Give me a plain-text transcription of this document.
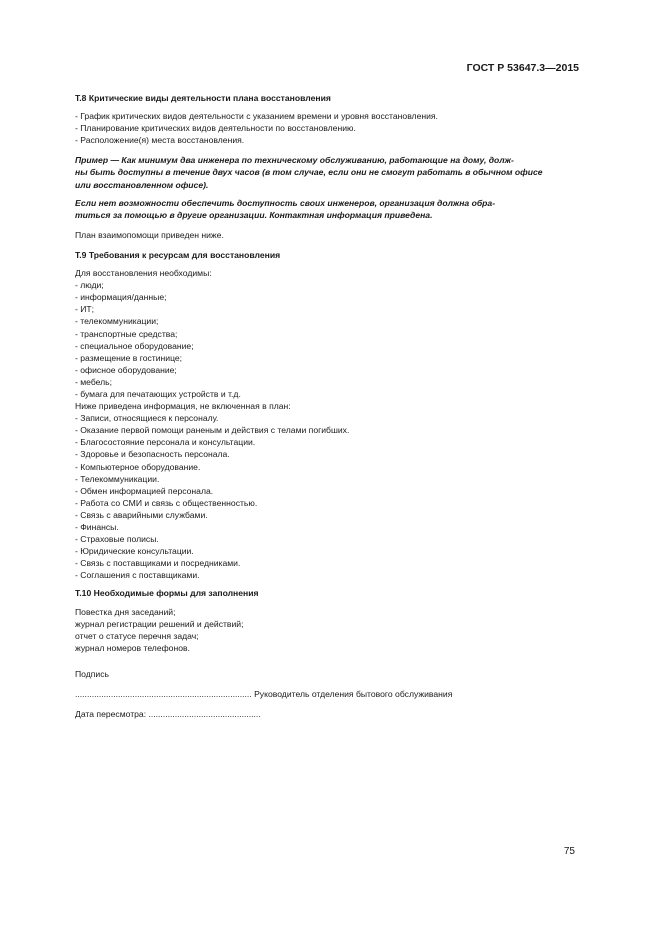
ГОСТ Р 53647.3—2015
Т.8 Критические виды деятельности плана восстановления
- График критических видов деятельности с указанием времени и уровня восстановления.
- Планирование критических видов деятельности по восстановлению.
- Расположение(я) места восстановления.
Пример — Как минимум два инженера по техническому обслуживанию, работающие на дому, долж-
ны быть доступны в течение двух часов (в том случае, если они не смогут работать в обычном офисе
или восстановленном офисе).
Если нет возможности обеспечить доступность своих инженеров, организация должна обра-
титься за помощью в другие организации. Контактная информация приведена.
План взаимопомощи приведен ниже.
Т.9 Требования к ресурсам для восстановления
Для восстановления необходимы:
- люди;
- информация/данные;
- ИТ;
- телекоммуникации;
- транспортные средства;
- специальное оборудование;
- размещение в гостинице;
- офисное оборудование;
- мебель;
- бумага для печатающих устройств и т.д.
Ниже приведена информация, не включенная в план:
- Записи, относящиеся к персоналу.
- Оказание первой помощи раненым и действия с телами погибших.
- Благосостояние персонала и консультации.
- Здоровье и безопасность персонала.
- Компьютерное оборудование.
- Телекоммуникации.
- Обмен информацией персонала.
- Работа со СМИ и связь с общественностью.
- Связь с аварийными службами.
- Финансы.
- Страховые полисы.
- Юридические консультации.
- Связь с поставщиками и посредниками.
- Соглашения с поставщиками.
Т.10 Необходимые формы для заполнения
Повестка дня заседаний;
журнал регистрации решений и действий;
отчет о статусе перечня задач;
журнал номеров телефонов.
Подпись
.......................................................................... Руководитель отделения бытового обслуживания
Дата пересмотра: ...............................................
75
